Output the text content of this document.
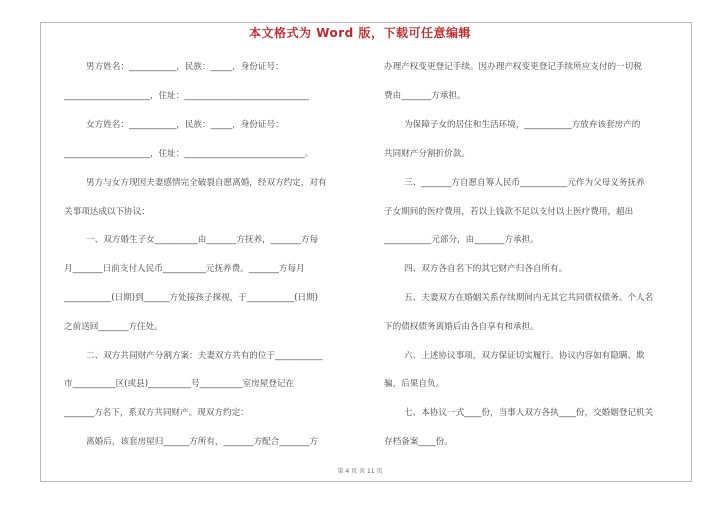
本文格式为 Word 版，下载可任意编辑
男方姓名：___________，民族：_____，身份证号：
____________________，住址：_____________________________
女方姓名：___________，民族：_____，身份证号：
____________________，住址：____________________________。
男方与女方现因夫妻感情完全破裂自愿离婚，经双方约定，对有
关事项达成以下协议：
一、双方婚生子女__________由_______方抚养，_______方每
月_______日前支付人民币__________元抚养费。_______方每月
___________(日期)到______方处接孩子探视，于___________(日期)
之前送回_______方住处。
二、双方共同财产分割方案：夫妻双方共有的位于___________
市__________区(或县)__________号__________室房屋登记在
_______方名下，系双方共同财产。现双方约定：
离婚后，该套房屋归______方所有，_______方配合_______方
办理产权变更登记手续。因办理产权变更登记手续所应支付的一切税
费由_______方承担。
为保障子女的居住和生活环境，___________方放弃该套房产的
共同财产分割折价款。
三、_______方自愿自筹人民币___________元作为父母义务抚养
子女期间的医疗费用，若以上钱款不足以支付以上医疗费用，超出
___________元部分，由_______方承担。
四、双方各自名下的其它财产归各自所有。
五、夫妻双方在婚姻关系存续期间内无其它共同债权债务。个人名
下的债权债务离婚后由各自享有和承担。
六、上述协议事项，双方保证切实履行。协议内容如有隐瞒、欺
骗，后果自负。
七、本协议一式____份，当事人双方各执____份，交婚姻登记机关
存档备案____份。
第 4 页 共 11 页
